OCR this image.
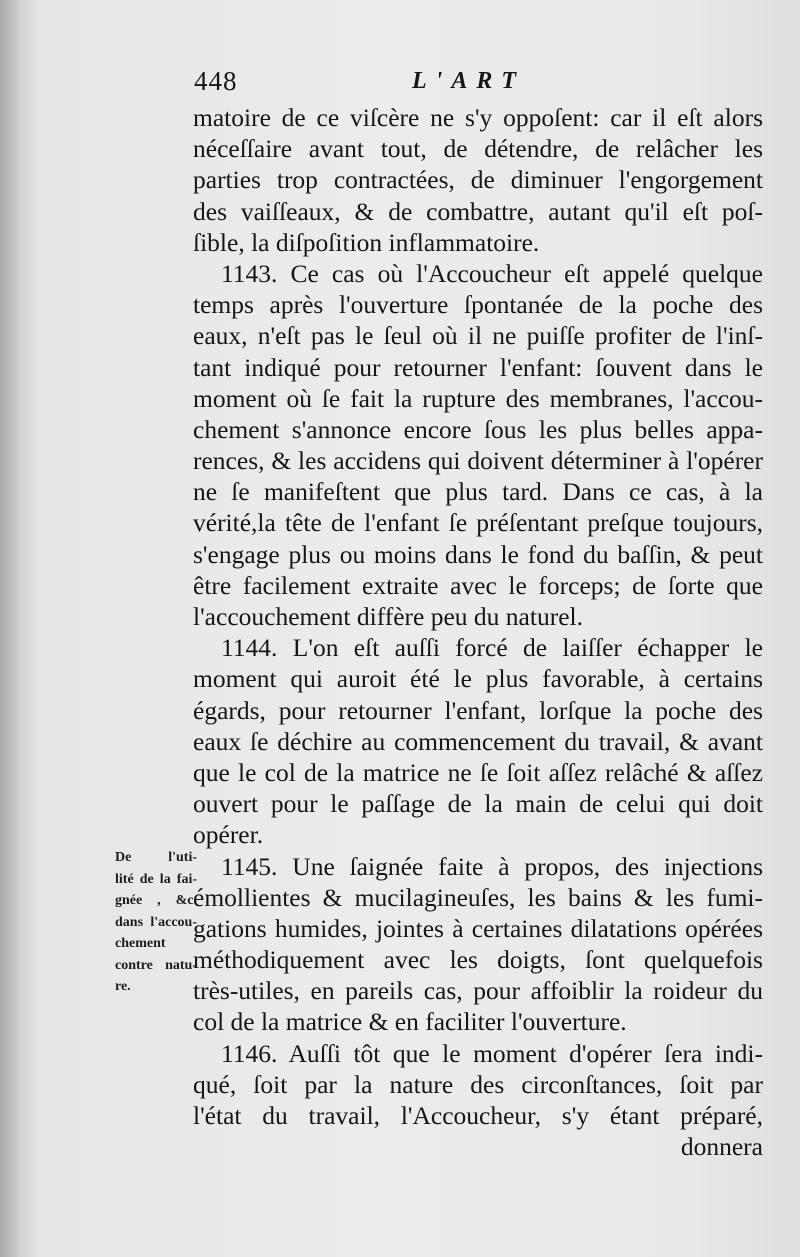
448	L'ART
matoire de ce viſcère ne s'y oppoſent: car il eſt alors
néceſſaire avant tout, de détendre, de relâcher les
parties trop contractées, de diminuer l'engorgement
des vaiſſeaux, & de combattre, autant qu'il eſt poſ-
ſible, la diſpoſition inflammatoire.
1143. Ce cas où l'Accoucheur eſt appelé quelque
temps après l'ouverture ſpontanée de la poche des
eaux, n'eſt pas le ſeul où il ne puiſſe profiter de l'inſ-
tant indiqué pour retourner l'enfant: ſouvent dans le
moment où ſe fait la rupture des membranes, l'accou-
chement s'annonce encore ſous les plus belles appa-
rences, & les accidens qui doivent déterminer à l'opérer
ne ſe manifeſtent que plus tard. Dans ce cas, à la
vérité,la tête de l'enfant ſe préſentant preſque toujours,
s'engage plus ou moins dans le fond du baſſin, & peut
être facilement extraite avec le forceps; de ſorte que
l'accouchement diffère peu du naturel.
1144. L'on eſt auſſi forcé de laiſſer échapper le
moment qui auroit été le plus favorable, à certains
égards, pour retourner l'enfant, lorſque la poche des
eaux ſe déchire au commencement du travail, & avant
que le col de la matrice ne ſe ſoit aſſez relâché & aſſez
ouvert pour le paſſage de la main de celui qui doit
opérer.
1145. Une ſaignée faite à propos, des injections
émollientes & mucilagineuſes, les bains & les fumi-
gations humides, jointes à certaines dilatations opérées
méthodiquement avec les doigts, ſont quelquefois
très-utiles, en pareils cas, pour affoiblir la roideur du
col de la matrice & en faciliter l'ouverture.
1146. Auſſi tôt que le moment d'opérer ſera indi-
qué, ſoit par la nature des circonſtances, ſoit par
l'état du travail, l'Accoucheur, s'y étant préparé,
donnera
De l'uti-
lité de la fai-
gnée , &c.
dans l'accou-
chement
contre natu-
re.
